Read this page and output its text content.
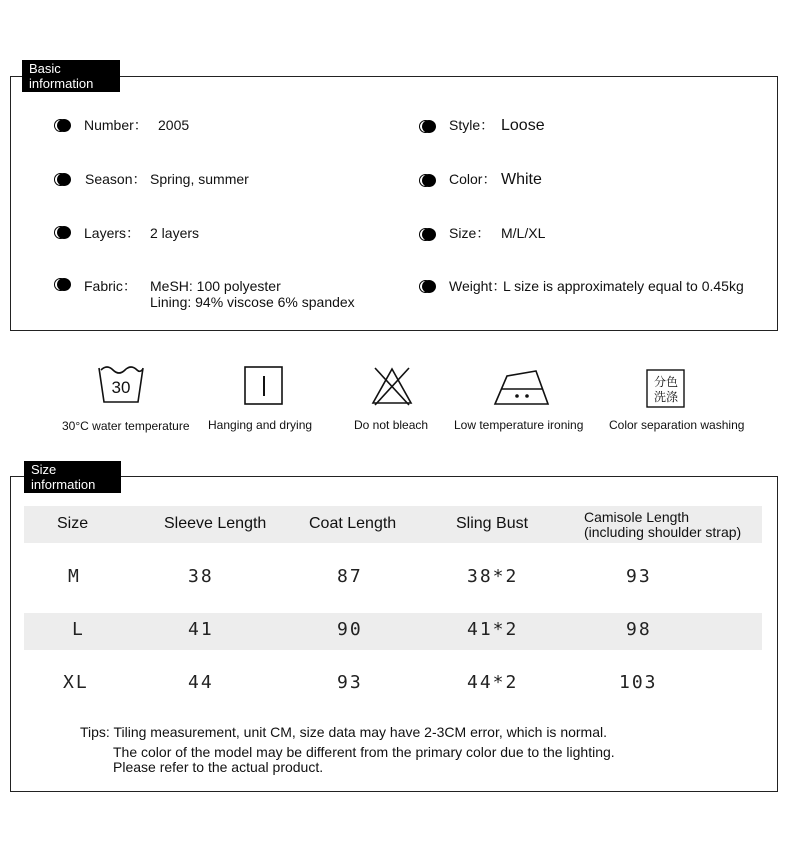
Basic
information
Number： 2005
Season： Spring, summer
Layers： 2 layers
Fabric： MeSH: 100 polyester
Lining: 94% viscose 6% spandex
Style： Loose
Color： White
Size： M/L/XL
Weight：
L size is approximately equal to 0.45kg
30
30°C water temperature Hanging and drying	Do not bleach Low temperature ironing
分色
洗涤
Color separation washing
Size
information
Size	Sleeve Length	Coat Length	Sling Bust	Camisole Length
(including shoulder strap)
M	38	87	38*2	93
L	41	90	41*2	98
XL	44	93	44*2	103
Tips: Tiling measurement, unit CM, size data may have 2-3CM error, which is normal.
The color of the model may be different from the primary color due to the lighting.
Please refer to the actual product.
